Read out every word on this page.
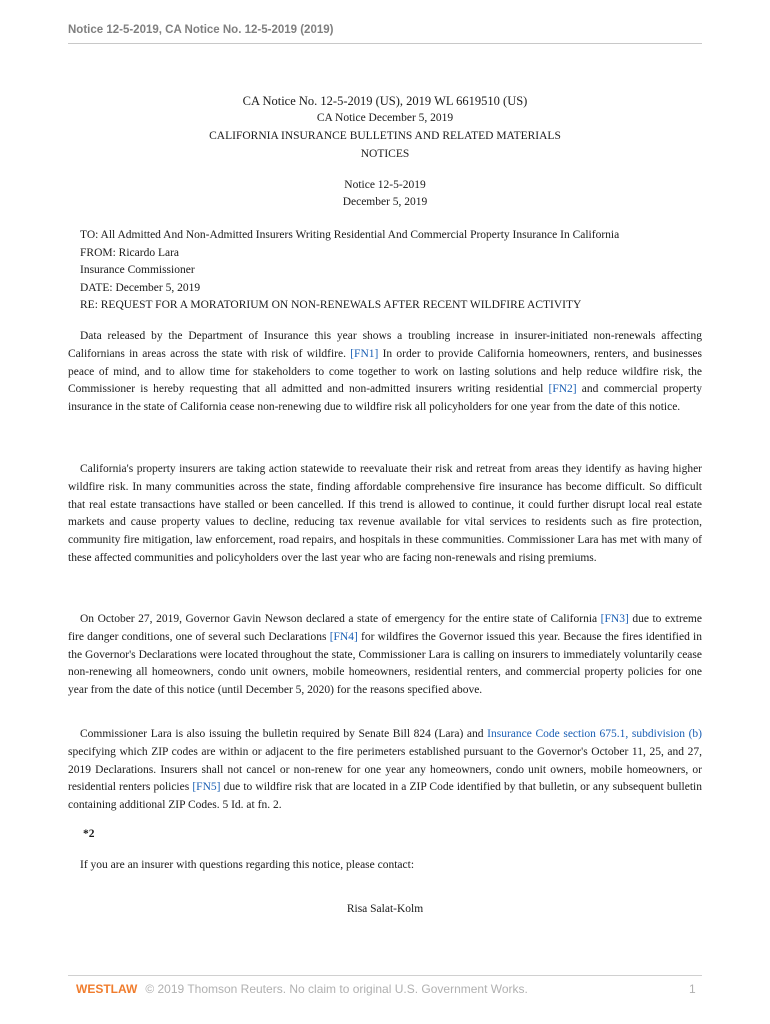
Notice 12-5-2019, CA Notice No. 12-5-2019 (2019)
CA Notice No. 12-5-2019 (US), 2019 WL 6619510 (US)
CA Notice December 5, 2019
CALIFORNIA INSURANCE BULLETINS AND RELATED MATERIALS
NOTICES
Notice 12-5-2019
December 5, 2019
TO: All Admitted And Non-Admitted Insurers Writing Residential And Commercial Property Insurance In California
FROM: Ricardo Lara
Insurance Commissioner
DATE: December 5, 2019
RE: REQUEST FOR A MORATORIUM ON NON-RENEWALS AFTER RECENT WILDFIRE ACTIVITY

Data released by the Department of Insurance this year shows a troubling increase in insurer-initiated non-renewals affecting Californians in areas across the state with risk of wildfire. [FN1] In order to provide California homeowners, renters, and businesses peace of mind, and to allow time for stakeholders to come together to work on lasting solutions and help reduce wildfire risk, the Commissioner is hereby requesting that all admitted and non-admitted insurers writing residential [FN2] and commercial property insurance in the state of California cease non-renewing due to wildfire risk all policyholders for one year from the date of this notice.

California's property insurers are taking action statewide to reevaluate their risk and retreat from areas they identify as having higher wildfire risk. In many communities across the state, finding affordable comprehensive fire insurance has become difficult. So difficult that real estate transactions have stalled or been cancelled. If this trend is allowed to continue, it could further disrupt local real estate markets and cause property values to decline, reducing tax revenue available for vital services to residents such as fire protection, community fire mitigation, law enforcement, road repairs, and hospitals in these communities. Commissioner Lara has met with many of these affected communities and policyholders over the last year who are facing non-renewals and rising premiums.

On October 27, 2019, Governor Gavin Newson declared a state of emergency for the entire state of California [FN3] due to extreme fire danger conditions, one of several such Declarations [FN4] for wildfires the Governor issued this year. Because the fires identified in the Governor's Declarations were located throughout the state, Commissioner Lara is calling on insurers to immediately voluntarily cease non-renewing all homeowners, condo unit owners, mobile homeowners, residential renters, and commercial property policies for one year from the date of this notice (until December 5, 2020) for the reasons specified above.

Commissioner Lara is also issuing the bulletin required by Senate Bill 824 (Lara) and Insurance Code section 675.1, subdivision (b) specifying which ZIP codes are within or adjacent to the fire perimeters established pursuant to the Governor's October 11, 25, and 27, 2019 Declarations. Insurers shall not cancel or non-renew for one year any homeowners, condo unit owners, mobile homeowners, or residential renters policies [FN5] due to wildfire risk that are located in a ZIP Code identified by that bulletin, or any subsequent bulletin containing additional ZIP Codes. 5 Id. at fn. 2.

*2
If you are an insurer with questions regarding this notice, please contact:
Risa Salat-Kolm
WESTLAW © 2019 Thomson Reuters. No claim to original U.S. Government Works.	1
